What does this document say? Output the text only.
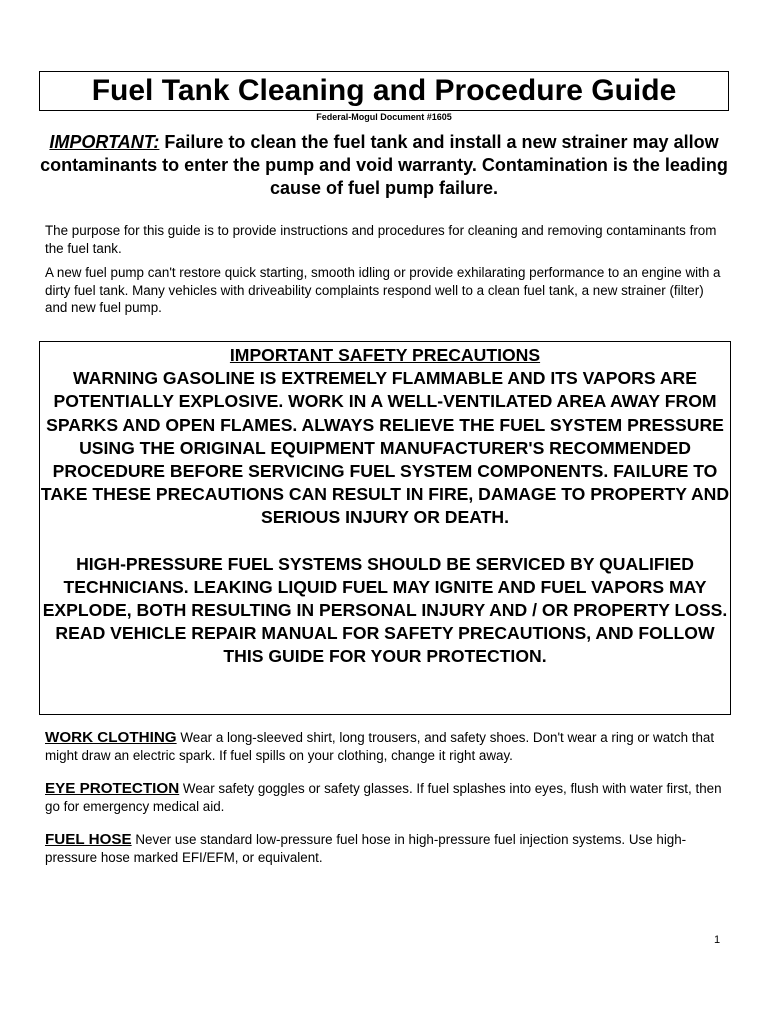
Fuel Tank Cleaning and Procedure Guide
Federal-Mogul Document #1605
IMPORTANT: Failure to clean the fuel tank and install a new strainer may allow contaminants to enter the pump and void warranty. Contamination is the leading cause of fuel pump failure.
The purpose for this guide is to provide instructions and procedures for cleaning and removing contaminants from the fuel tank.
A new fuel pump can't restore quick starting, smooth idling or provide exhilarating performance to an engine with a dirty fuel tank. Many vehicles with driveability complaints respond well to a clean fuel tank, a new strainer (filter) and new fuel pump.
IMPORTANT SAFETY PRECAUTIONS
WARNING GASOLINE IS EXTREMELY FLAMMABLE AND ITS VAPORS ARE POTENTIALLY EXPLOSIVE. WORK IN A WELL-VENTILATED AREA AWAY FROM SPARKS AND OPEN FLAMES. ALWAYS RELIEVE THE FUEL SYSTEM PRESSURE USING THE ORIGINAL EQUIPMENT MANUFACTURER'S RECOMMENDED PROCEDURE BEFORE SERVICING FUEL SYSTEM COMPONENTS. FAILURE TO TAKE THESE PRECAUTIONS CAN RESULT IN FIRE, DAMAGE TO PROPERTY AND SERIOUS INJURY OR DEATH.
HIGH-PRESSURE FUEL SYSTEMS SHOULD BE SERVICED BY QUALIFIED TECHNICIANS. LEAKING LIQUID FUEL MAY IGNITE AND FUEL VAPORS MAY EXPLODE, BOTH RESULTING IN PERSONAL INJURY AND / OR PROPERTY LOSS. READ VEHICLE REPAIR MANUAL FOR SAFETY PRECAUTIONS, AND FOLLOW THIS GUIDE FOR YOUR PROTECTION.
WORK CLOTHING Wear a long-sleeved shirt, long trousers, and safety shoes. Don't wear a ring or watch that might draw an electric spark. If fuel spills on your clothing, change it right away.
EYE PROTECTION Wear safety goggles or safety glasses. If fuel splashes into eyes, flush with water first, then go for emergency medical aid.
FUEL HOSE Never use standard low-pressure fuel hose in high-pressure fuel injection systems. Use high-pressure hose marked EFI/EFM, or equivalent.
1
